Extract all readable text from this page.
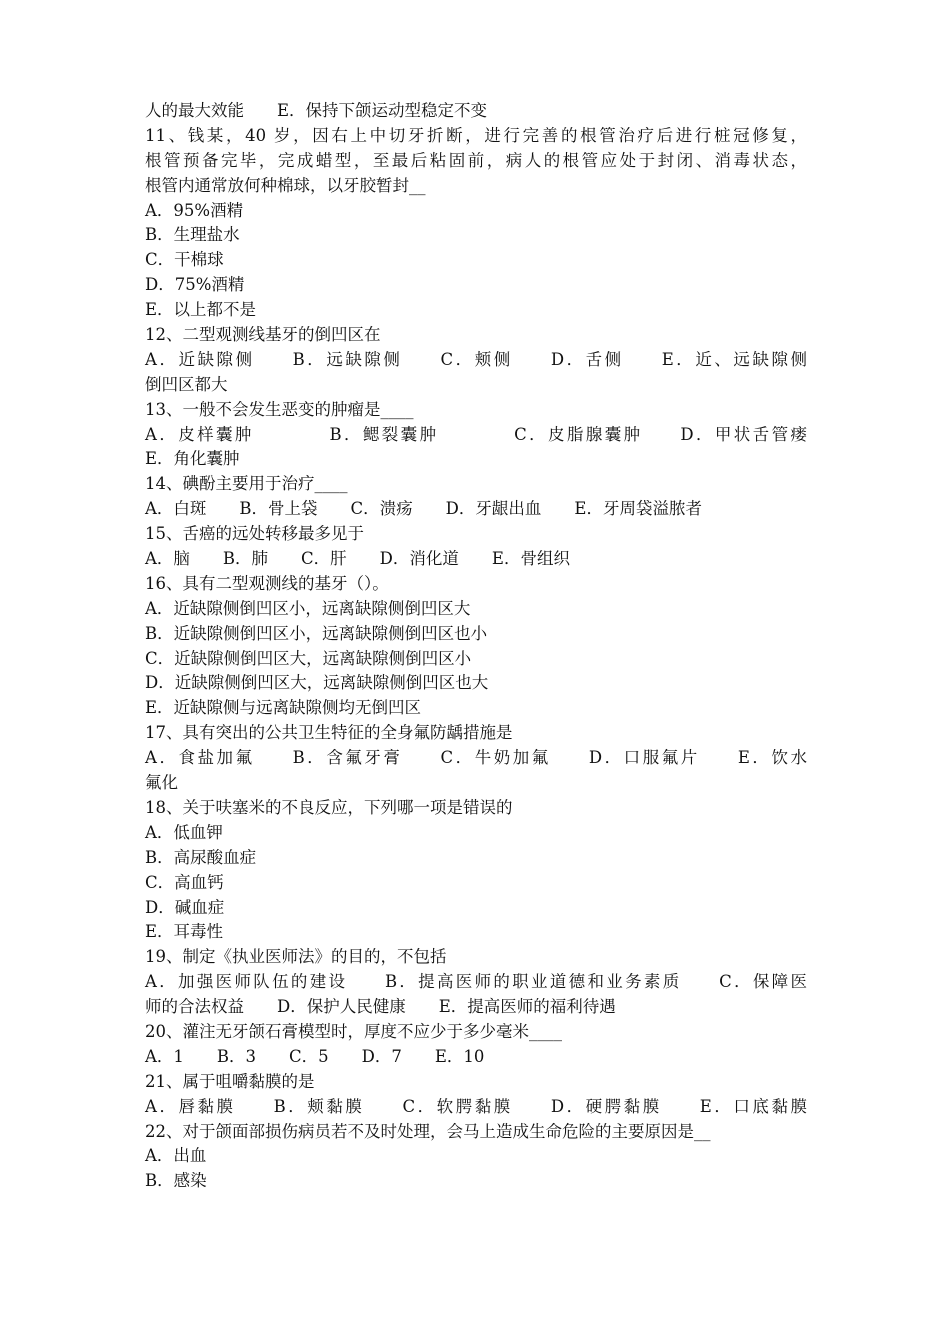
人的最大效能　　E．保持下颌运动型稳定不变
11、钱某，40 岁，因右上中切牙折断，进行完善的根管治疗后进行桩冠修复，
根管预备完毕，完成蜡型，至最后粘固前，病人的根管应处于封闭、消毒状态，
根管内通常放何种棉球，以牙胶暂封__
A．95%酒精
B．生理盐水
C．干棉球
D．75%酒精
E．以上都不是
12、二型观测线基牙的倒凹区在
A．近缺隙侧　　B．远缺隙侧　　C．颊侧　　D．舌侧　　E．近、远缺隙侧
倒凹区都大
13、一般不会发生恶变的肿瘤是____
A．皮样囊肿　　　　B．鳃裂囊肿　　　　C．皮脂腺囊肿　　D．甲状舌管瘘
E．角化囊肿
14、碘酚主要用于治疗____
A．白斑　　B．骨上袋　　C．溃疡　　D．牙龈出血　　E．牙周袋溢脓者
15、舌癌的远处转移最多见于
A．脑　　B．肺　　C．肝　　D．消化道　　E．骨组织
16、具有二型观测线的基牙（）。
A．近缺隙侧倒凹区小，远离缺隙侧倒凹区大
B．近缺隙侧倒凹区小，远离缺隙侧倒凹区也小
C．近缺隙侧倒凹区大，远离缺隙侧倒凹区小
D．近缺隙侧倒凹区大，远离缺隙侧倒凹区也大
E．近缺隙侧与远离缺隙侧均无倒凹区
17、具有突出的公共卫生特征的全身氟防龋措施是
A．食盐加氟　　B．含氟牙膏　　C．牛奶加氟　　D．口服氟片　　E．饮水
氟化
18、关于呋塞米的不良反应，下列哪一项是错误的
A．低血钾
B．高尿酸血症
C．高血钙
D．碱血症
E．耳毒性
19、制定《执业医师法》的目的，不包括
A．加强医师队伍的建设　　B．提高医师的职业道德和业务素质　　C．保障医
师的合法权益　　D．保护人民健康　　E．提高医师的福利待遇
20、灌注无牙颌石膏模型时，厚度不应少于多少毫米____
A．1　　B．3　　C．5　　D．7　　E．10
21、属于咀嚼黏膜的是
A．唇黏膜　　B．颊黏膜　　C．软腭黏膜　　D．硬腭黏膜　　E．口底黏膜
22、对于颌面部损伤病员若不及时处理，会马上造成生命危险的主要原因是__
A．出血
B．感染
